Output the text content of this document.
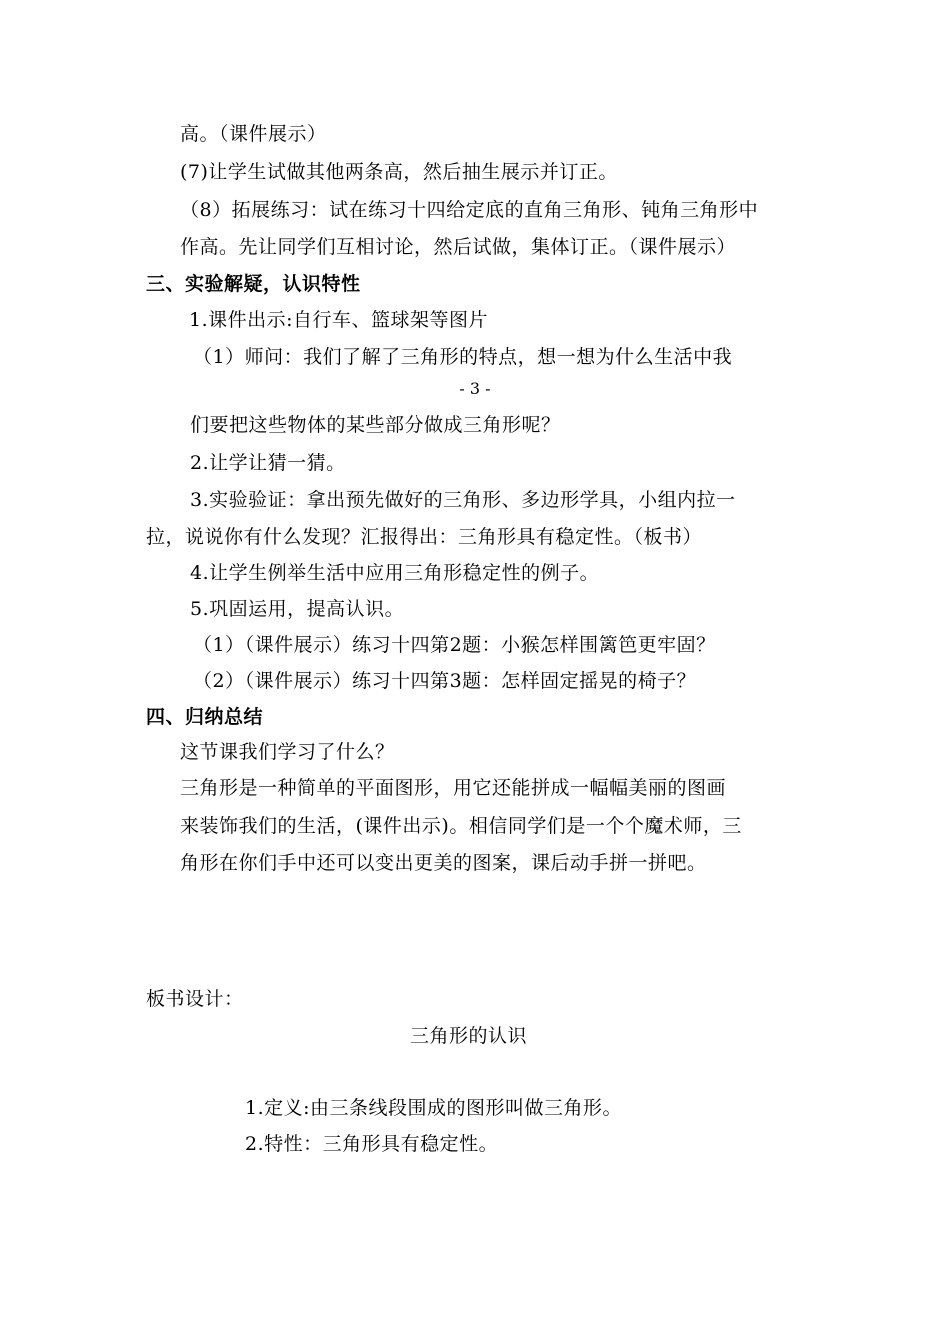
高。（课件展示）
(7)让学生试做其他两条高，然后抽生展示并订正。
（8）拓展练习：试在练习十四给定底的直角三角形、钝角三角形中
作高。先让同学们互相讨论，然后试做，集体订正。（课件展示）
三、实验解疑，认识特性
1.课件出示:自行车、篮球架等图片
（1）师问：我们了解了三角形的特点，想一想为什么生活中我
- 3 -
们要把这些物体的某些部分做成三角形呢？
2.让学让猜一猜。
3.实验验证：拿出预先做好的三角形、多边形学具，小组内拉一
拉，说说你有什么发现？汇报得出：三角形具有稳定性。（板书）
4.让学生例举生活中应用三角形稳定性的例子。
5.巩固运用，提高认识。
（1）（课件展示）练习十四第2题：小猴怎样围篱笆更牢固？
（2）（课件展示）练习十四第3题：怎样固定摇晃的椅子？
四、归纳总结
这节课我们学习了什么？
三角形是一种简单的平面图形，用它还能拼成一幅幅美丽的图画
来装饰我们的生活，(课件出示)。相信同学们是一个个魔术师，三
角形在你们手中还可以变出更美的图案，课后动手拼一拼吧。
板书设计：
三角形的认识
1.定义:由三条线段围成的图形叫做三角形。
2.特性：三角形具有稳定性。
